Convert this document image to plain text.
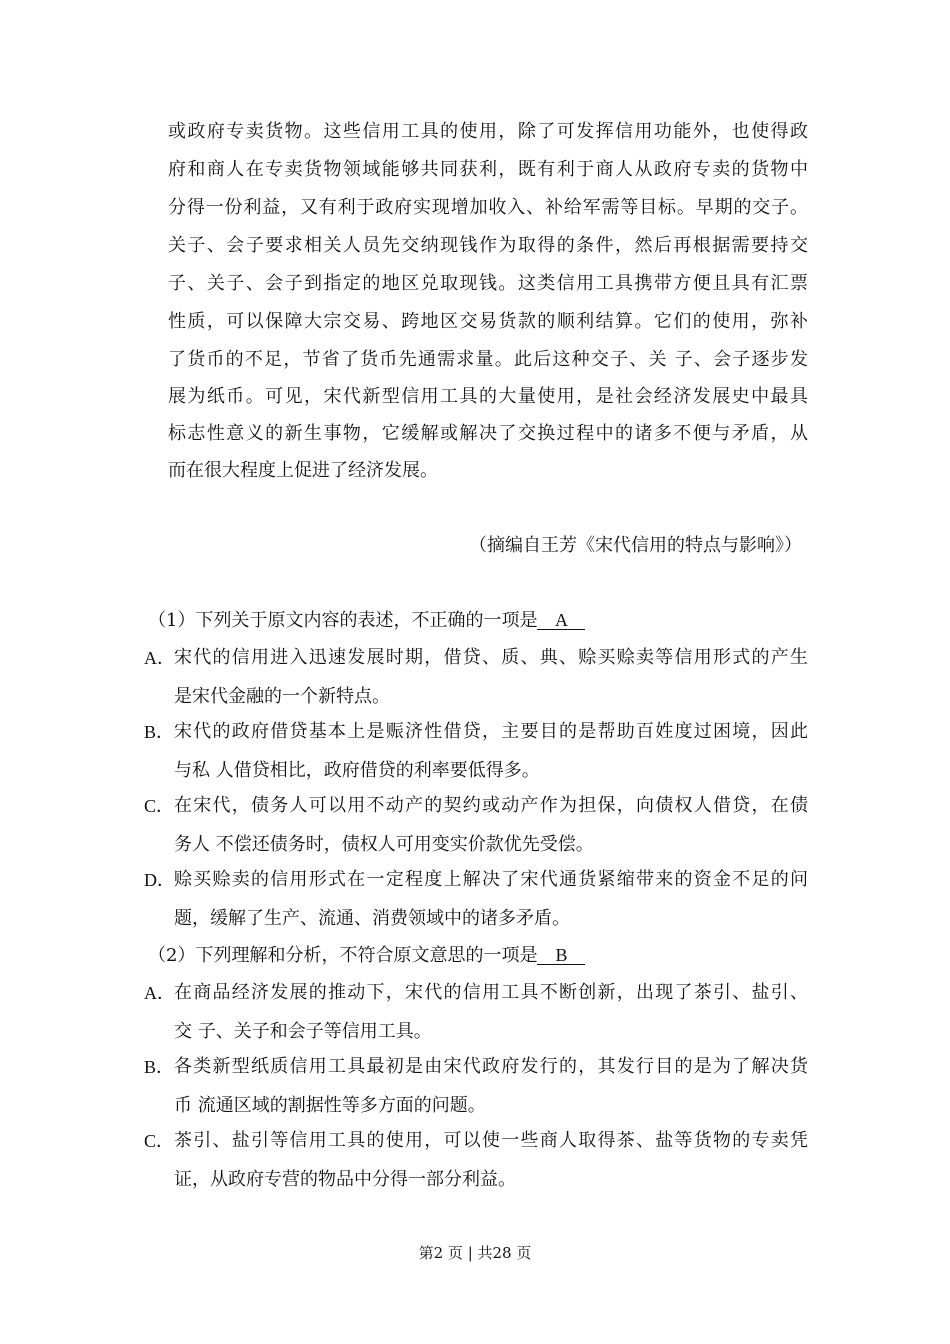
或政府专卖货物。这些信用工具的使用，除了可发挥信用功能外，也使得政
府和商人在专卖货物领域能够共同获利，既有利于商人从政府专卖的货物中
分得一份利益，又有利于政府实现增加收入、补给军需等目标。早期的交子。
关子、会子要求相关人员先交纳现钱作为取得的条件，然后再根据需要持交
子、关子、会子到指定的地区兑取现钱。这类信用工具携带方便且具有汇票
性质，可以保障大宗交易、跨地区交易货款的顺利结算。它们的使用，弥补
了货币的不足，节省了货币先通需求量。此后这种交子、关 子、会子逐步发
展为纸币。可见，宋代新型信用工具的大量使用，是社会经济发展史中最具
标志性意义的新生事物，它缓解或解决了交换过程中的诸多不便与矛盾，从
而在很大程度上促进了经济发展。
（摘编自王芳《宋代信用的特点与影响》）
（1）下列关于原文内容的表述，不正确的一项是 A
A． 宋代的信用进入迅速发展时期，借贷、质、典、赊买赊卖等信用形式的产生
是宋代金融的一个新特点。
B． 宋代的政府借贷基本上是赈济性借贷，主要目的是帮助百姓度过困境，因此
与私 人借贷相比，政府借贷的利率要低得多。
C． 在宋代，债务人可以用不动产的契约或动产作为担保，向债权人借贷，在债
务人 不偿还债务时，债权人可用变实价款优先受偿。
D． 赊买赊卖的信用形式在一定程度上解决了宋代通货紧缩带来的资金不足的问
题，缓解了生产、流通、消费领域中的诸多矛盾。
（2）下列理解和分析，不符合原文意思的一项是 B
A． 在商品经济发展的推动下，宋代的信用工具不断创新，出现了茶引、盐引、
交 子、关子和会子等信用工具。
B． 各类新型纸质信用工具最初是由宋代政府发行的，其发行目的是为了解决货
币 流通区域的割据性等多方面的问题。
C． 茶引、盐引等信用工具的使用，可以使一些商人取得茶、盐等货物的专卖凭
证，从政府专营的物品中分得一部分利益。
第2 页 | 共28 页
